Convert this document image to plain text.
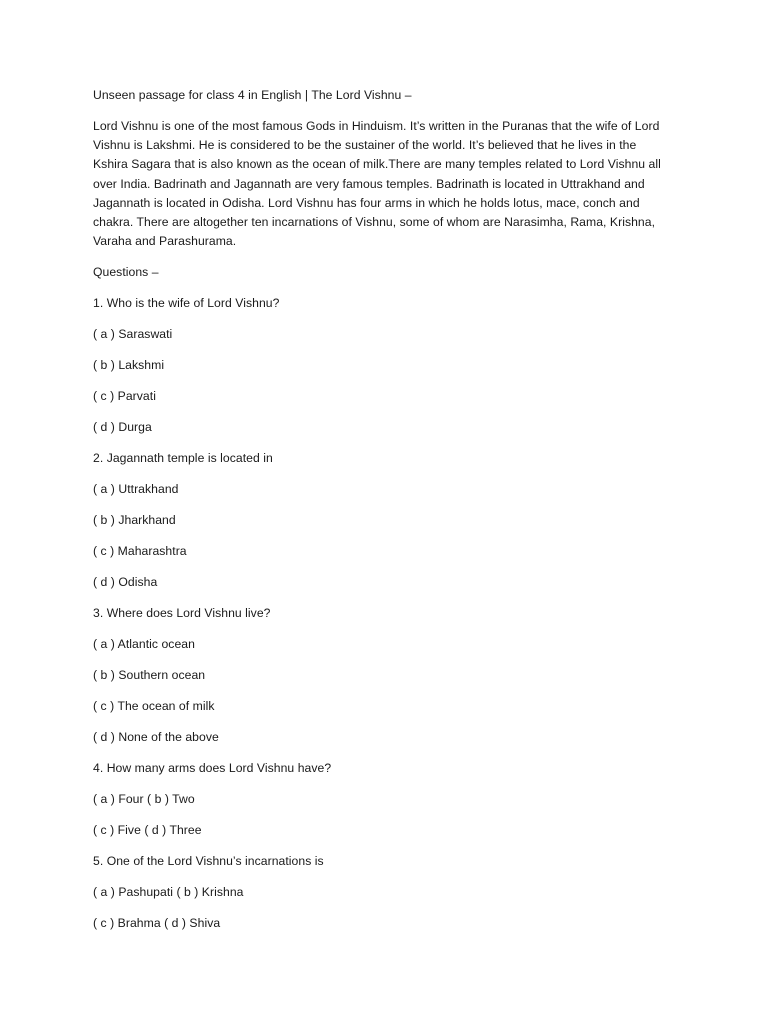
Unseen passage for class 4 in English | The Lord Vishnu –

Lord Vishnu is one of the most famous Gods in Hinduism. It’s written in the Puranas that the wife of Lord Vishnu is Lakshmi. He is considered to be the sustainer of the world. It’s believed that he lives in the Kshira Sagara that is also known as the ocean of milk.There are many temples related to Lord Vishnu all over India. Badrinath and Jagannath are very famous temples. Badrinath is located in Uttrakhand and Jagannath is located in Odisha. Lord Vishnu has four arms in which he holds lotus, mace, conch and chakra. There are altogether ten incarnations of Vishnu, some of whom are Narasimha, Rama, Krishna, Varaha and Parashurama.

Questions –

1. Who is the wife of Lord Vishnu?

( a ) Saraswati

( b ) Lakshmi

( c ) Parvati

( d ) Durga

2. Jagannath temple is located in

( a ) Uttrakhand

( b ) Jharkhand

( c ) Maharashtra

( d ) Odisha

3. Where does Lord Vishnu live?

( a ) Atlantic ocean

( b ) Southern ocean

( c ) The ocean of milk

( d ) None of the above

4. How many arms does Lord Vishnu have?

( a ) Four ( b ) Two

( c ) Five ( d ) Three

5. One of the Lord Vishnu’s incarnations is

( a ) Pashupati ( b ) Krishna

( c ) Brahma ( d ) Shiva
